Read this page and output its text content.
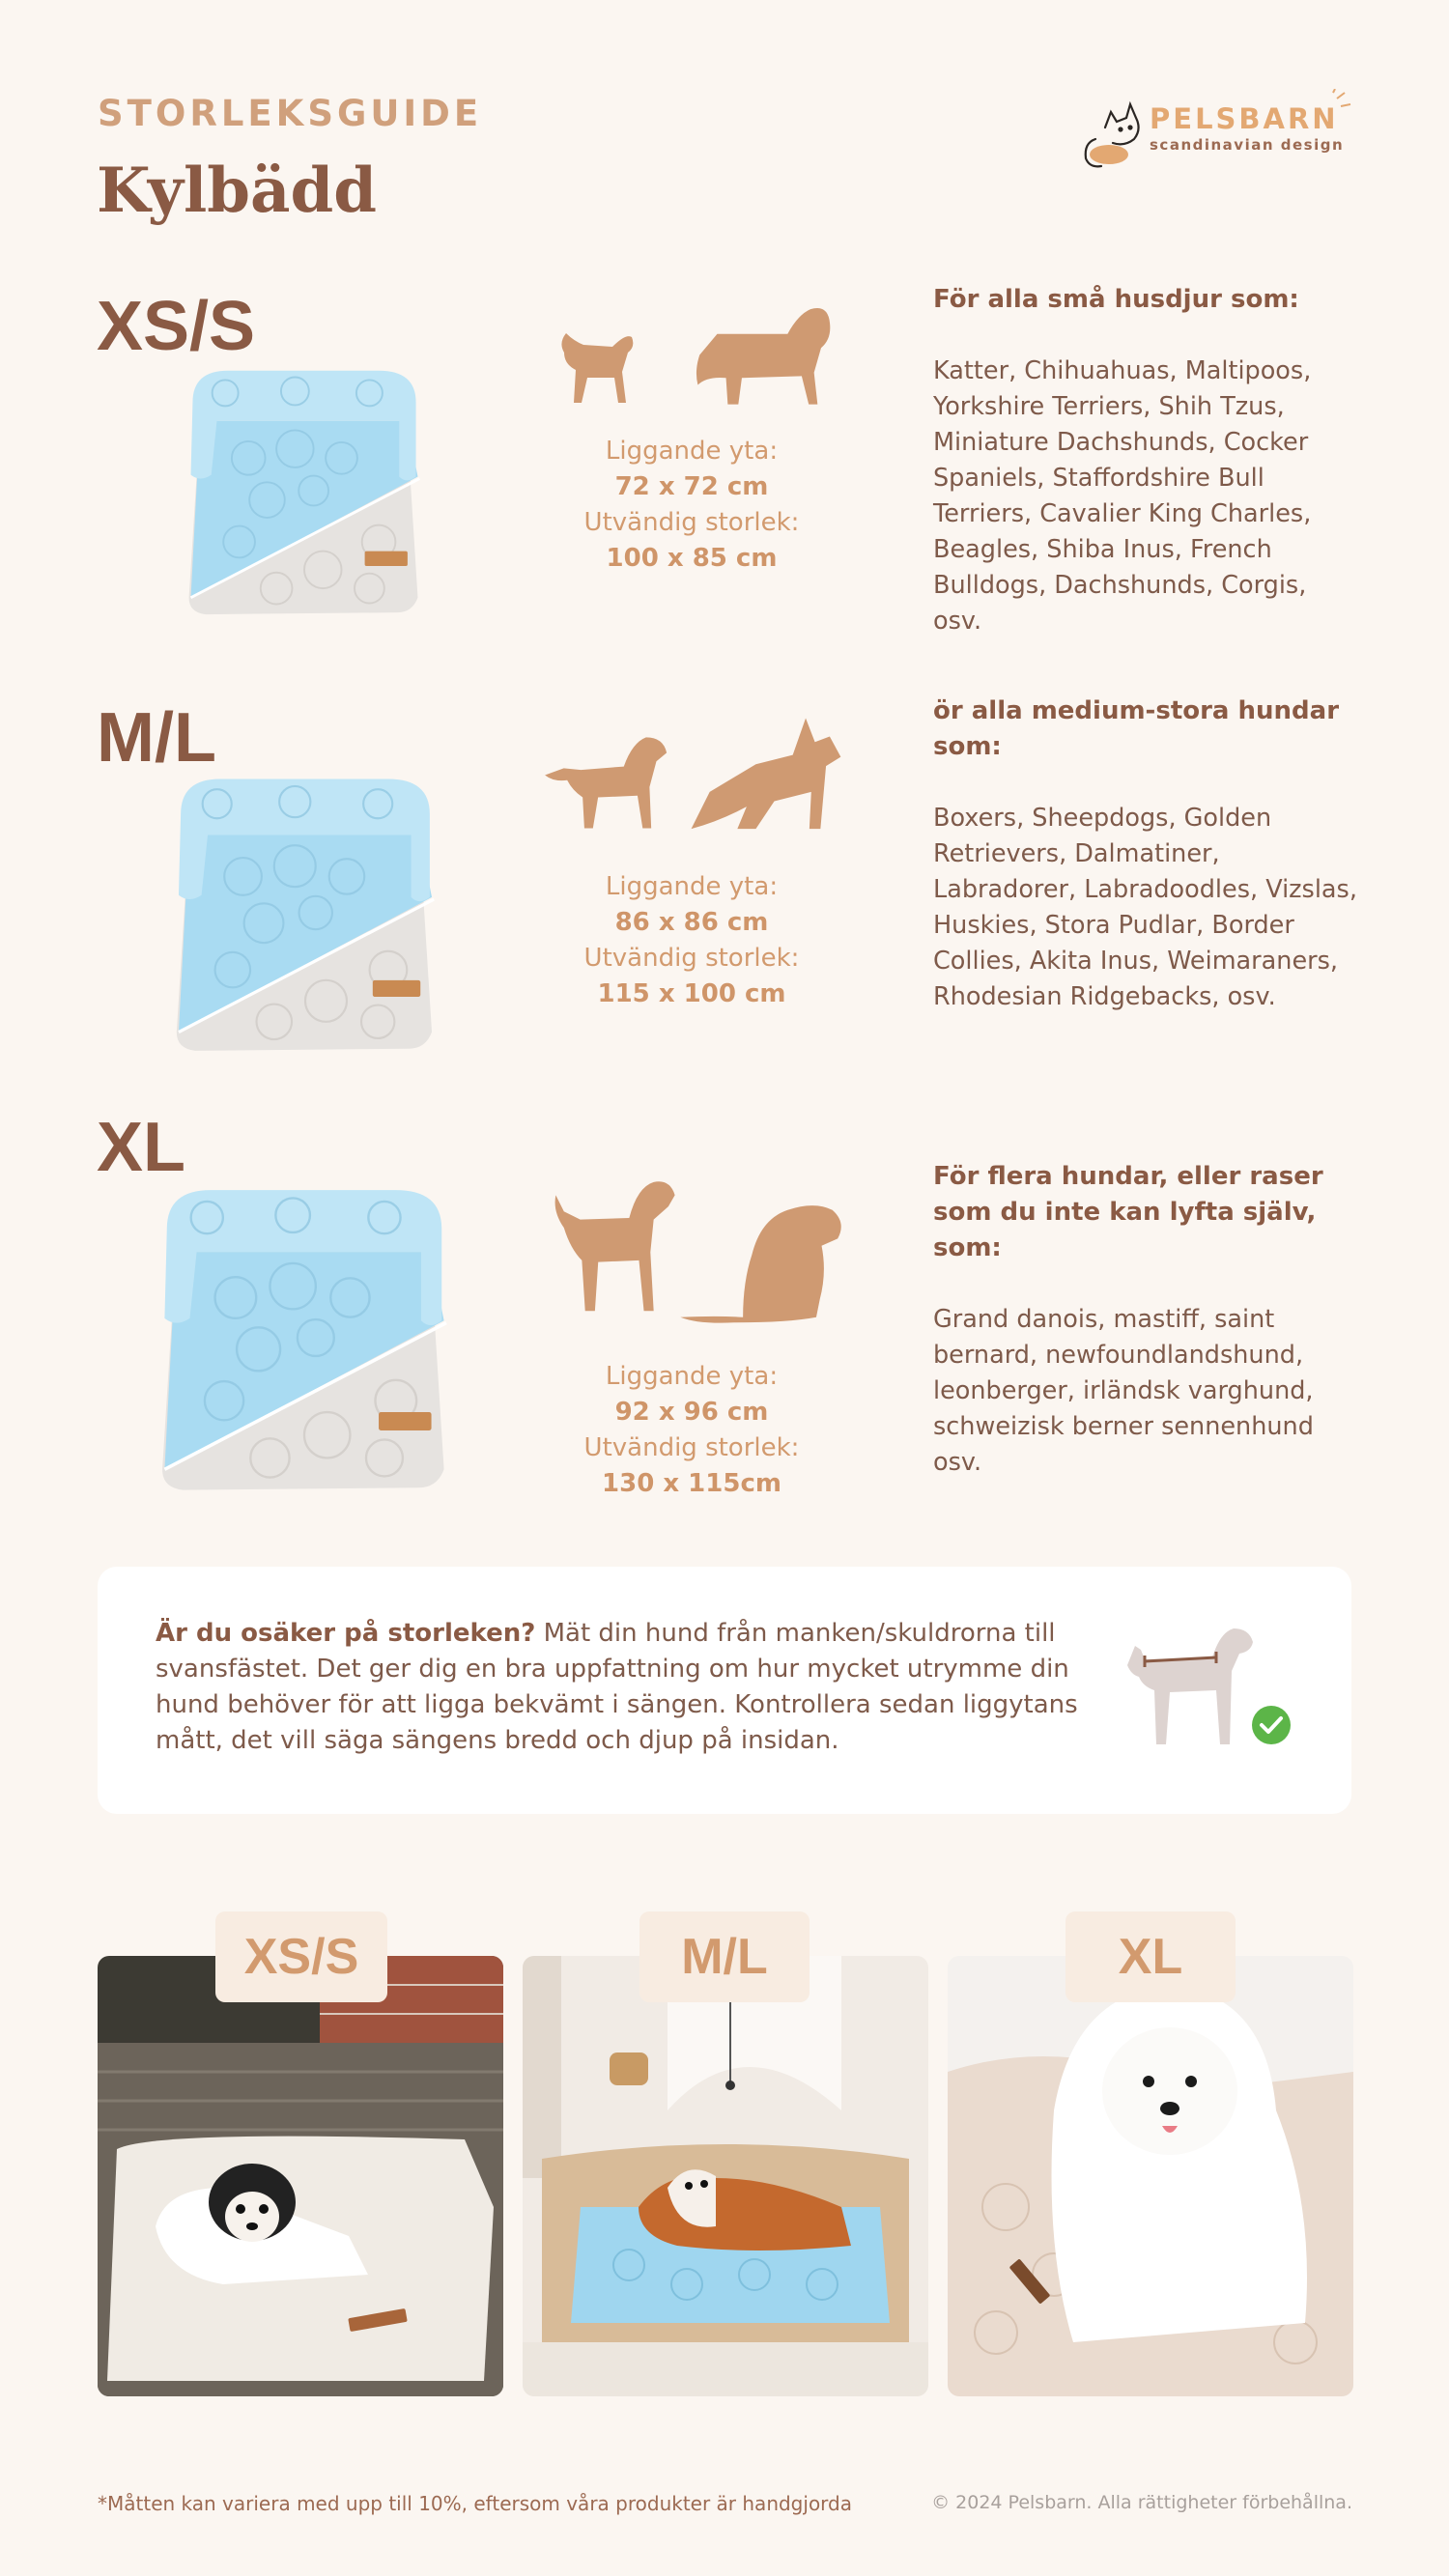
STORLEKSGUIDE
Kylbädd
PELSBARN
scandinavian design
XS/S
Liggande yta:
72 x 72 cm
Utvändig storlek:
100 x 85 cm
För alla små husdjur som:
Katter, Chihuahuas, Maltipoos, Yorkshire Terriers, Shih Tzus, Miniature Dachshunds, Cocker Spaniels, Staffordshire Bull Terriers, Cavalier King Charles, Beagles, Shiba Inus, French Bulldogs, Dachshunds, Corgis, osv.
M/L
Liggande yta:
86 x 86 cm
Utvändig storlek:
115 x 100 cm
ör alla medium-stora hundar som:
Boxers, Sheepdogs, Golden Retrievers, Dalmatiner, Labradorer, Labradoodles, Vizslas, Huskies, Stora Pudlar, Border Collies, Akita Inus, Weimaraners, Rhodesian Ridgebacks, osv.
XL
Liggande yta:
92 x 96 cm
Utvändig storlek:
130 x 115cm
För flera hundar, eller raser som du inte kan lyfta själv, som:
Grand danois, mastiff, saint bernard, newfoundlandshund, leonberger, irländsk varghund, schweizisk berner sennenhund osv.
Är du osäker på storleken? Mät din hund från manken/skuldrorna till svansfästet. Det ger dig en bra uppfattning om hur mycket utrymme din hund behöver för att ligga bekvämt i sängen. Kontrollera sedan liggytans mått, det vill säga sängens bredd och djup på insidan.
XS/S	M/L	XL
*Måtten kan variera med upp till 10%, eftersom våra produkter är handgjorda	© 2024 Pelsbarn. Alla rättigheter förbehållna.
